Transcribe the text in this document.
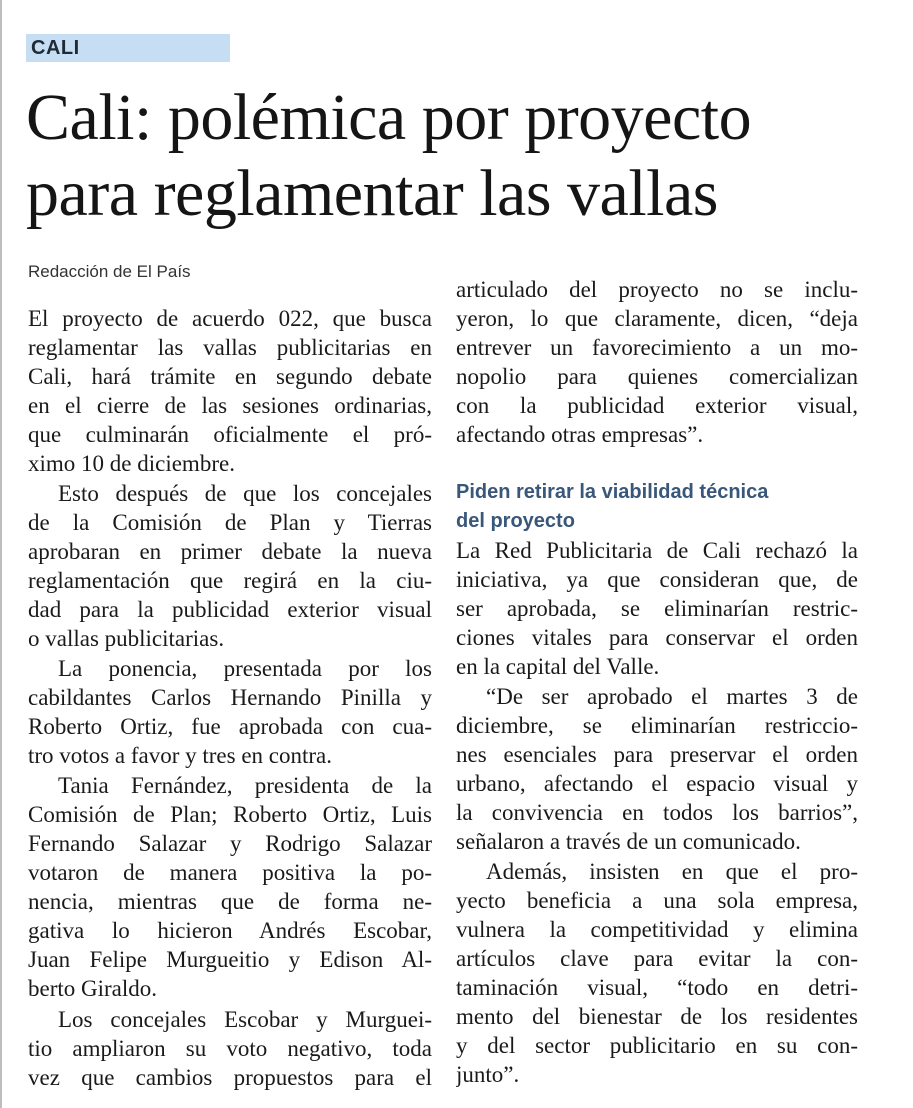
CALI
Cali: polémica por proyecto
para reglamentar las vallas
Redacción de El País
El proyecto de acuerdo 022, que busca
reglamentar las vallas publicitarias en
Cali, hará trámite en segundo debate
en el cierre de las sesiones ordinarias,
que culminarán oficialmente el pró-
ximo 10 de diciembre.
Esto después de que los concejales
de la Comisión de Plan y Tierras
aprobaran en primer debate la nueva
reglamentación que regirá en la ciu-
dad para la publicidad exterior visual
o vallas publicitarias.
La ponencia, presentada por los
cabildantes Carlos Hernando Pinilla y
Roberto Ortiz, fue aprobada con cua-
tro votos a favor y tres en contra.
Tania Fernández, presidenta de la
Comisión de Plan; Roberto Ortiz, Luis
Fernando Salazar y Rodrigo Salazar
votaron de manera positiva la po-
nencia, mientras que de forma ne-
gativa lo hicieron Andrés Escobar,
Juan Felipe Murgueitio y Edison Al-
berto Giraldo.
Los concejales Escobar y Murguei-
tio ampliaron su voto negativo, toda
vez que cambios propuestos para el
articulado del proyecto no se inclu-
yeron, lo que claramente, dicen, “deja
entrever un favorecimiento a un mo-
nopolio para quienes comercializan
con la publicidad exterior visual,
afectando otras empresas”.
Piden retirar la viabilidad técnica
del proyecto
La Red Publicitaria de Cali rechazó la
iniciativa, ya que consideran que, de
ser aprobada, se eliminarían restric-
ciones vitales para conservar el orden
en la capital del Valle.
“De ser aprobado el martes 3 de
diciembre, se eliminarían restriccio-
nes esenciales para preservar el orden
urbano, afectando el espacio visual y
la convivencia en todos los barrios”,
señalaron a través de un comunicado.
Además, insisten en que el pro-
yecto beneficia a una sola empresa,
vulnera la competitividad y elimina
artículos clave para evitar la con-
taminación visual, “todo en detri-
mento del bienestar de los residentes
y del sector publicitario en su con-
junto”.
